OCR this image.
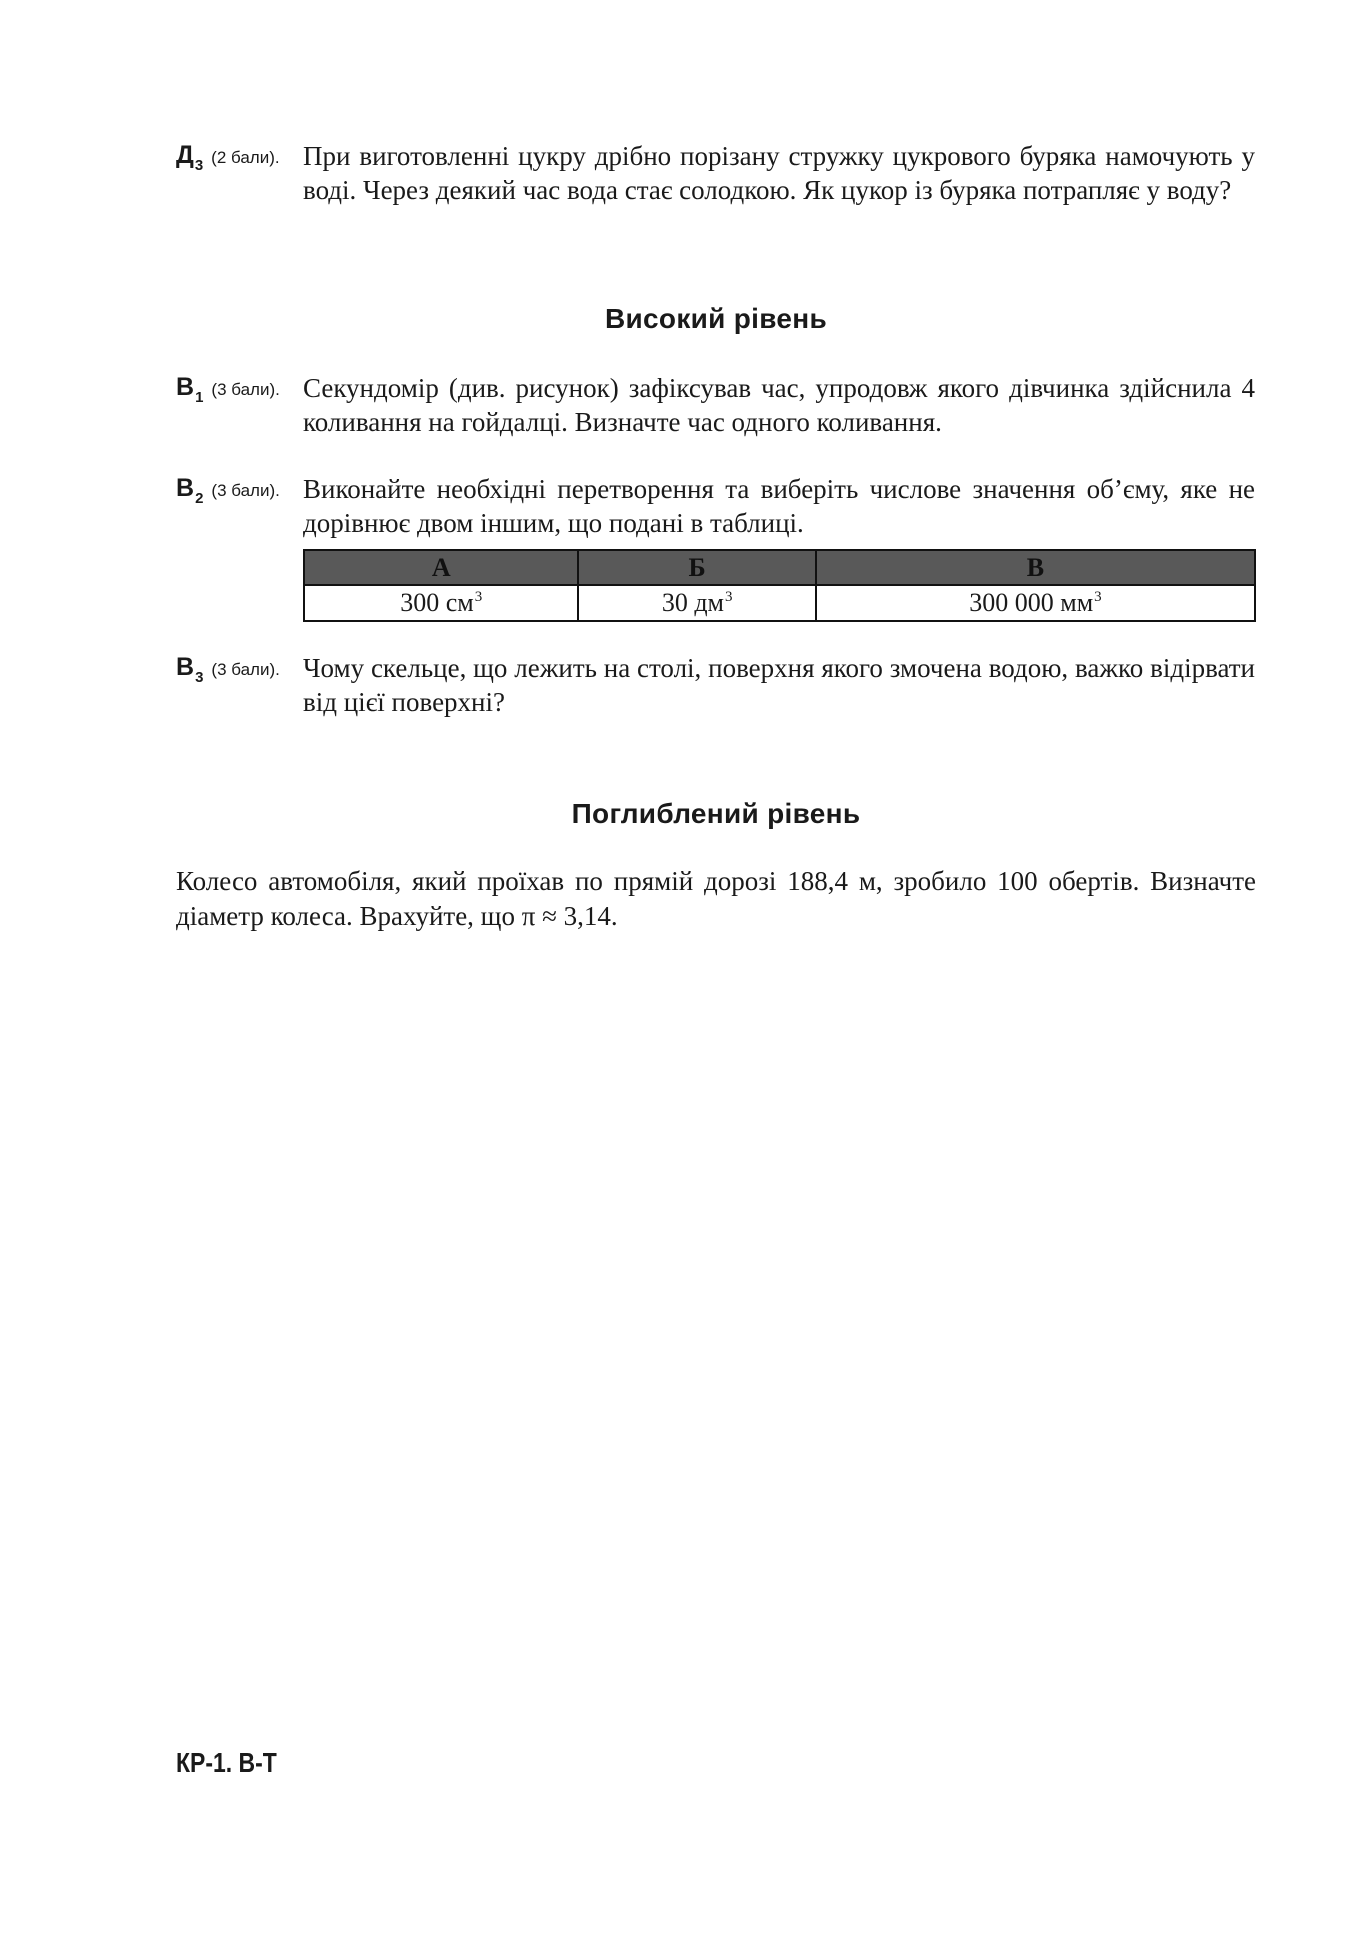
Д3 (2 бали). При виготовленні цукру дрібно порізану стружку цукрового буряка намочують у воді. Через деякий час вода стає солодкою. Як цукор із буряка потрапляє у воду?
Високий рівень
В1 (3 бали). Секундомір (див. рисунок) зафіксував час, упродовж якого дівчинка здійснила 4 коливання на гойдалці. Визначте час одного коливання.
В2 (3 бали). Виконайте необхідні перетворення та виберіть числове значення об’єму, яке не дорівнює двом іншим, що подані в таблиці.
А	Б	В
300 $см^3$	30 $дм^3$	300 000 $мм^3$
В3 (3 бали). Чому скельце, що лежить на столі, поверхня якого змочена водою, важко відірвати від цієї поверхні?
Поглиблений рівень
Колесо автомобіля, який проїхав по прямій дорозі 188,4 м, зробило 100 обертів. Визначте діаметр колеса. Врахуйте, що π ≈ 3,14.
КР-1. В-Т
